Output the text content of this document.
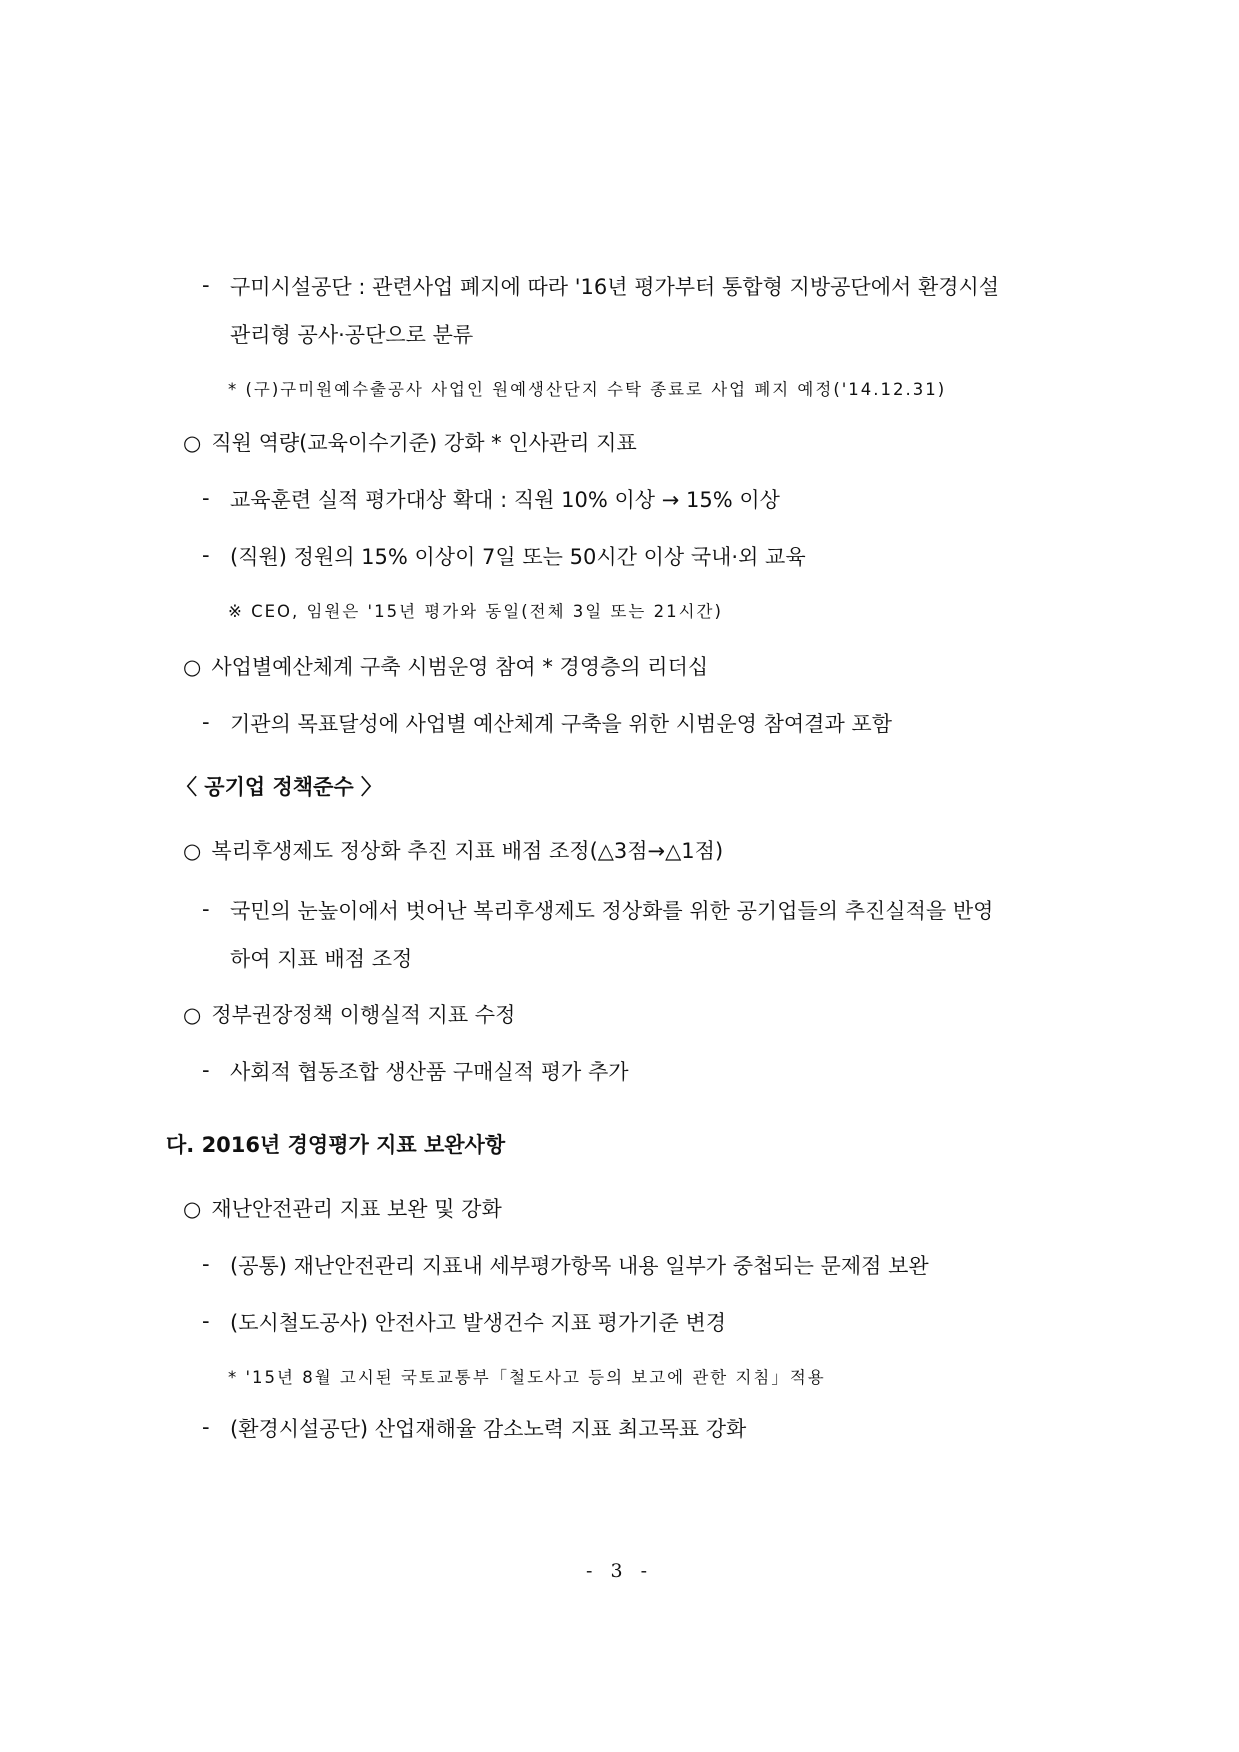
- 구미시설공단 : 관련사업 폐지에 따라 '16년 평가부터 통합형 지방공단에서 환경시설
관리형 공사·공단으로 분류
* (구)구미원예수출공사 사업인 원예생산단지 수탁 종료로 사업 폐지 예정('14.12.31)
○ 직원 역량(교육이수기준) 강화 * 인사관리 지표
- 교육훈련 실적 평가대상 확대 : 직원 10% 이상 → 15% 이상
- (직원) 정원의 15% 이상이 7일 또는 50시간 이상 국내·외 교육
※ CEO, 임원은 '15년 평가와 동일(전체 3일 또는 21시간)
○ 사업별예산체계 구축 시범운영 참여 * 경영층의 리더십
- 기관의 목표달성에 사업별 예산체계 구축을 위한 시범운영 참여결과 포함
〈 공기업 정책준수 〉
○ 복리후생제도 정상화 추진 지표 배점 조정(△3점→△1점)
- 국민의 눈높이에서 벗어난 복리후생제도 정상화를 위한 공기업들의 추진실적을 반영
하여 지표 배점 조정
○ 정부권장정책 이행실적 지표 수정
- 사회적 협동조합 생산품 구매실적 평가 추가
다. 2016년 경영평가 지표 보완사항
○ 재난안전관리 지표 보완 및 강화
- (공통) 재난안전관리 지표내 세부평가항목 내용 일부가 중첩되는 문제점 보완
- (도시철도공사) 안전사고 발생건수 지표 평가기준 변경
* '15년 8월 고시된 국토교통부「철도사고 등의 보고에 관한 지침」적용
- (환경시설공단) 산업재해율 감소노력 지표 최고목표 강화
- 3 -
